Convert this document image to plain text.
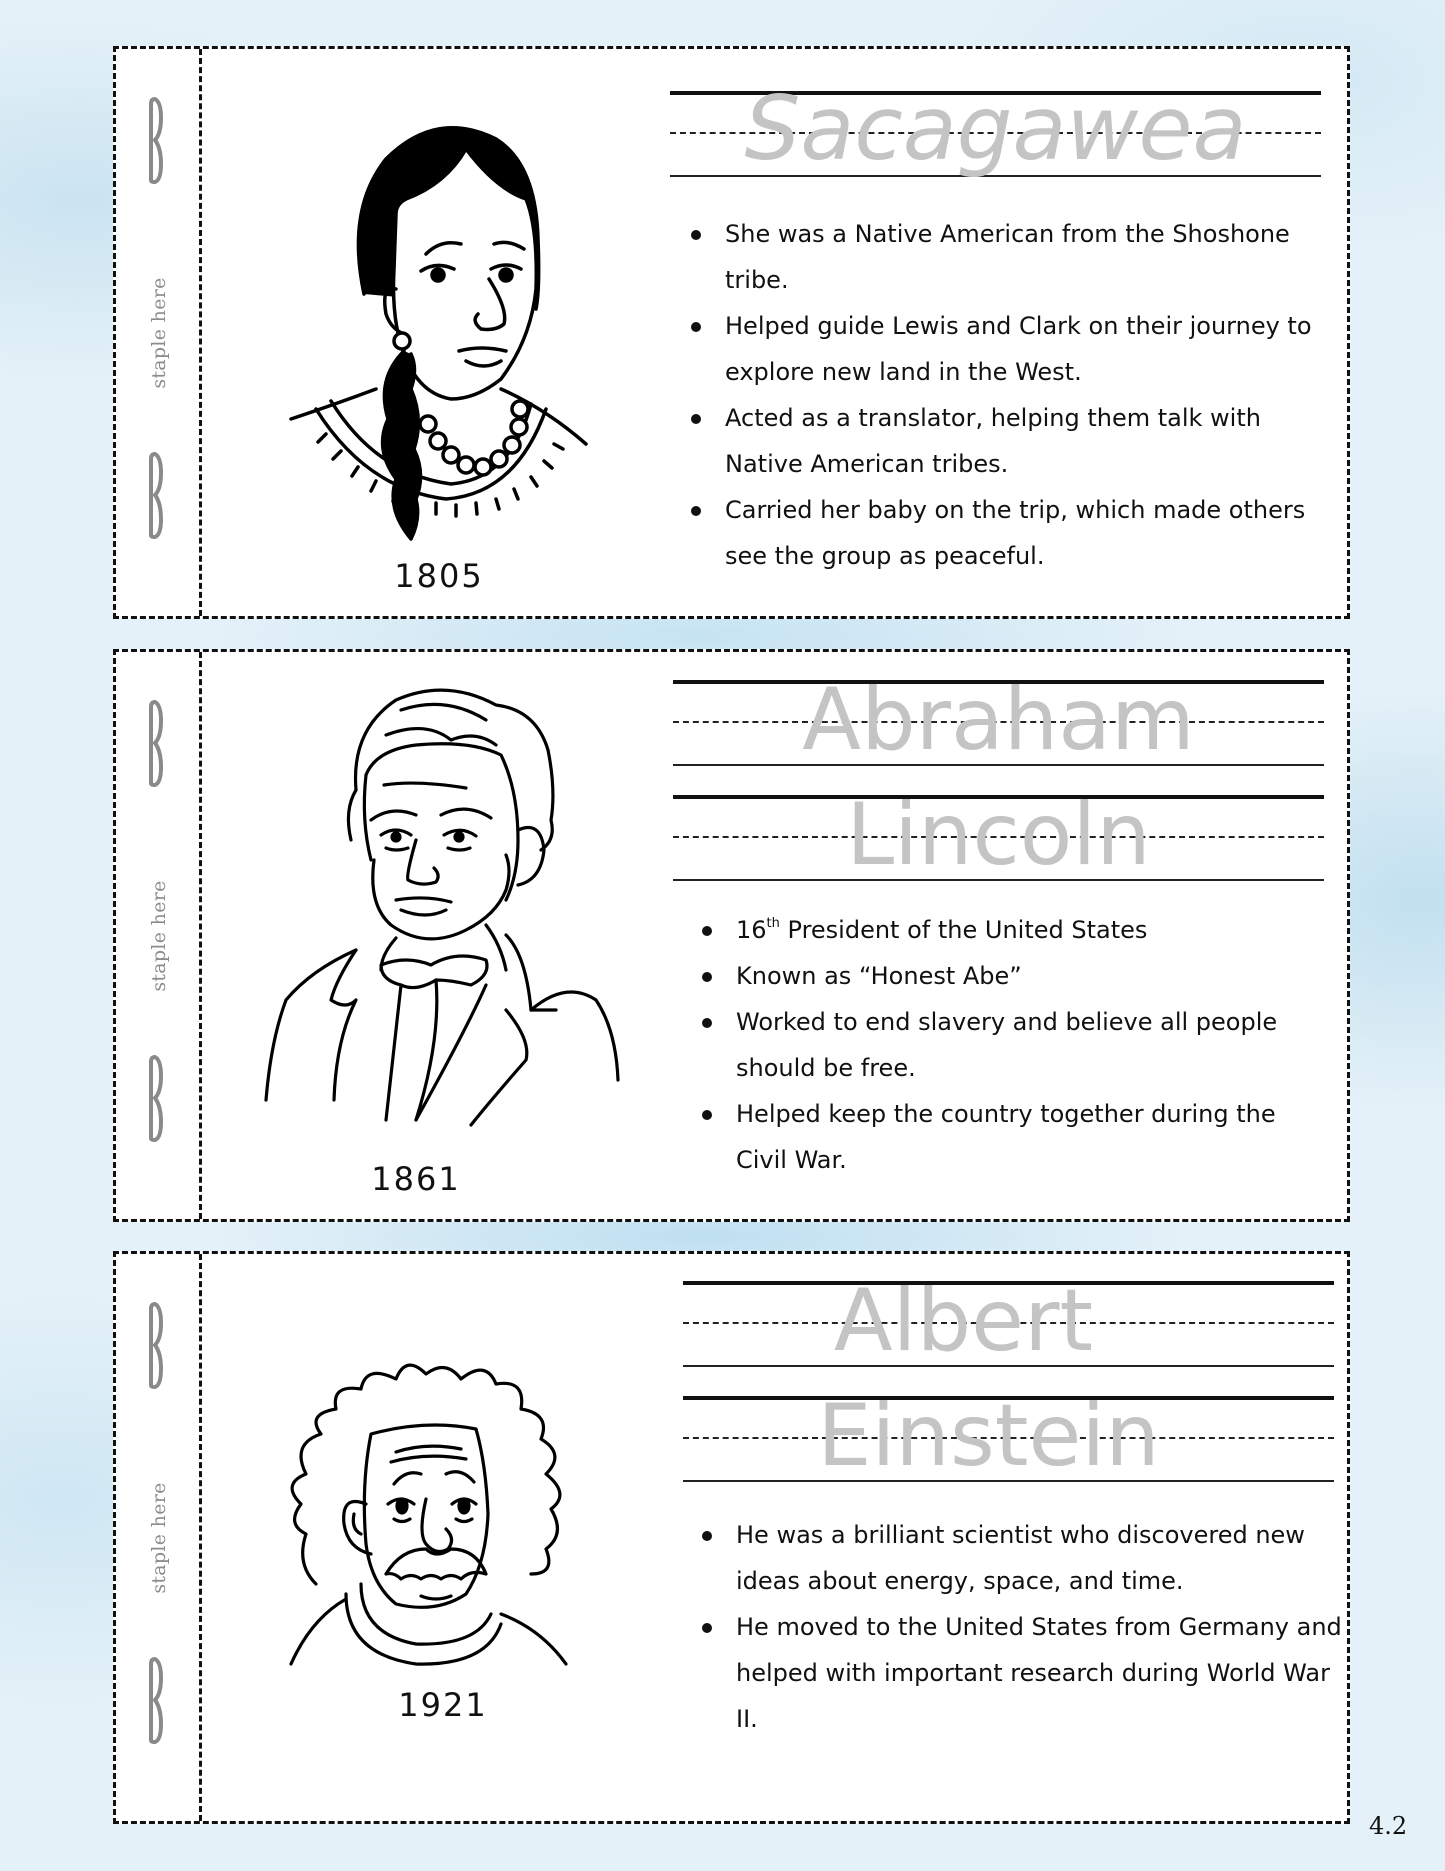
staple here
1805
Sacagawea
She was a Native American from the Shoshone tribe.
Helped guide Lewis and Clark on their journey to explore new land in the West.
Acted as a translator, helping them talk with Native American tribes.
Carried her baby on the trip, which made others see the group as peaceful.
staple here
1861
Abraham
Lincoln
16th President of the United States
Known as “Honest Abe”
Worked to end slavery and believe all people should be free.
Helped keep the country together during the Civil War.
staple here
1921
Albert
Einstein
He was a brilliant scientist who discovered new ideas about energy, space, and time.
He moved to the United States from Germany and helped with important research during World War II.
4.2
